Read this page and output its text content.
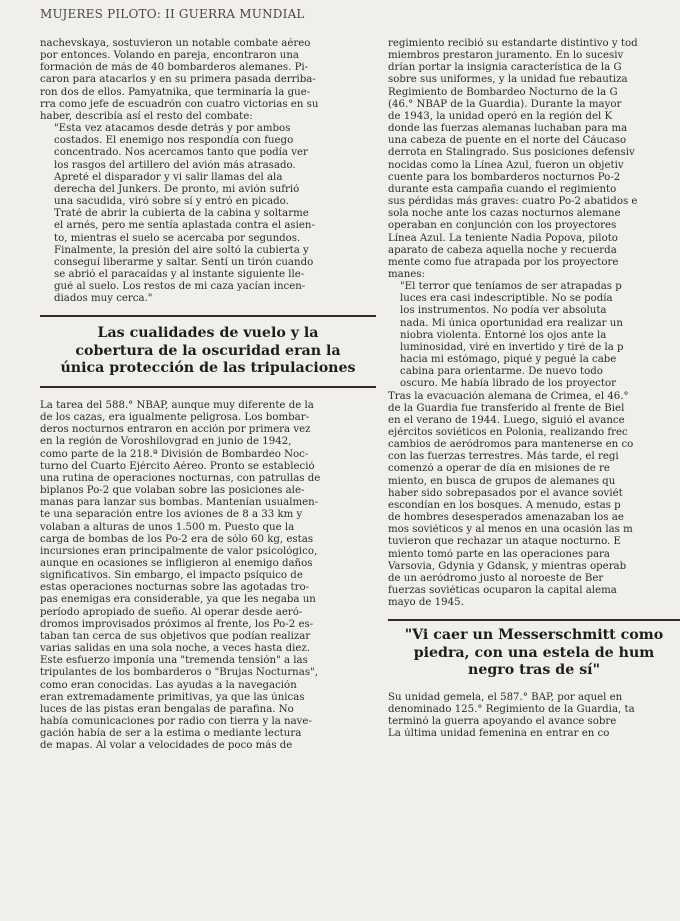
MUJERES PILOTO: II GUERRA MUNDIAL
nachevskaya, sostuvieron un notable combate aéreo
por entonces. Volando en pareja, encontraron una
formación de más de 40 bombarderos alemanes. Pi-
caron para atacarlos y en su primera pasada derriba-
ron dos de ellos. Pamyatnika, que terminaría la gue-
rra como jefe de escuadrón con cuatro victorias en su
haber, describía así el resto del combate:
"Esta vez atacamos desde detrás y por ambos
costados. El enemigo nos respondía con fuego
concentrado. Nos acercamos tanto que podía ver
los rasgos del artillero del avión más atrasado.
Apreté el disparador y vi salir llamas del ala
derecha del Junkers. De pronto, mi avión sufrió
una sacudida, viró sobre sí y entró en picado.
Traté de abrir la cubierta de la cabina y soltarme
el arnés, pero me sentía aplastada contra el asien-
to, mientras el suelo se acercaba por segundos.
Finalmente, la presión del aire soltó la cubierta y
conseguí liberarme y saltar. Sentí un tirón cuando
se abrió el paracaídas y al instante siguiente lle-
gué al suelo. Los restos de mi caza yacían incen-
diados muy cerca."
Las cualidades de vuelo y la
cobertura de la oscuridad eran la
única protección de las tripulaciones
La tarea del 588.° NBAP, aunque muy diferente de la
de los cazas, era igualmente peligrosa. Los bombar-
deros nocturnos entraron en acción por primera vez
en la región de Voroshilovgrad en junio de 1942,
como parte de la 218.ª División de Bombardeo Noc-
turno del Cuarto Ejército Aéreo. Pronto se estableció
una rutina de operaciones nocturnas, con patrullas de
biplanos Po-2 que volaban sobre las posiciones ale-
manas para lanzar sus bombas. Mantenían usualmen-
te una separación entre los aviones de 8 a 33 km y
volaban a alturas de unos 1.500 m. Puesto que la
carga de bombas de los Po-2 era de sólo 60 kg, estas
incursiones eran principalmente de valor psicológico,
aunque en ocasiones se infligieron al enemigo daños
significativos. Sin embargo, el impacto psíquico de
estas operaciones nocturnas sobre las agotadas tro-
pas enemigas era considerable, ya que les negaba un
período apropiado de sueño. Al operar desde aeró-
dromos improvisados próximos al frente, los Po-2 es-
taban tan cerca de sus objetivos que podían realizar
varias salidas en una sola noche, a veces hasta diez.
Este esfuerzo imponía una "tremenda tensión" a las
tripulantes de los bombarderos o "Brujas Nocturnas",
como eran conocidas. Las ayudas a la navegación
eran extremadamente primitivas, ya que las únicas
luces de las pistas eran bengalas de parafina. No
había comunicaciones por radio con tierra y la nave-
gación había de ser a la estima o mediante lectura
de mapas. Al volar a velocidades de poco más de
regimiento recibió su estandarte distintivo y tod
miembros prestaron juramento. En lo sucesiv
drían portar la insignia característica de la G
sobre sus uniformes, y la unidad fue rebautiza
Regimiento de Bombardeo Nocturno de la G
(46.° NBAP de la Guardia). Durante la mayor
de 1943, la unidad operó en la región del K
donde las fuerzas alemanas luchaban para ma
una cabeza de puente en el norte del Cáucaso
derrota en Stalingrado. Sus posiciones defensiv
nocidas como la Línea Azul, fueron un objetiv
cuente para los bombarderos nocturnos Po-2
durante esta campaña cuando el regimiento
sus pérdidas más graves: cuatro Po-2 abatidos e
sola noche ante los cazas nocturnos alemane
operaban en conjunción con los proyectores
Línea Azul. La teniente Nadia Popova, piloto
aparato de cabeza aquella noche y recuerda
mente como fue atrapada por los proyectore
manes:
"El terror que teníamos de ser atrapadas p
luces era casi indescriptible. No se podía
los instrumentos. No podía ver absoluta
nada. Mi única oportunidad era realizar un
niobra violenta. Entorné los ojos ante la
luminosidad, viré en invertido y tiré de la p
hacia mi estómago, piqué y pegué la cabe
cabina para orientarme. De nuevo todo
oscuro. Me había librado de los proyector
Tras la evacuación alemana de Crimea, el 46.°
de la Guardia fue transferido al frente de Biel
en el verano de 1944. Luego, siguió el avance
ejércitos soviéticos en Polonia, realizando frec
cambios de aeródromos para mantenerse en co
con las fuerzas terrestres. Más tarde, el regi
comenzó a operar de día en misiones de re
miento, en busca de grupos de alemanes qu
haber sido sobrepasados por el avance soviét
escondían en los bosques. A menudo, estas p
de hombres desesperados amenazaban los ae
mos soviéticos y al menos en una ocasión las m
tuvieron que rechazar un ataque nocturno. E
miento tomó parte en las operaciones para
Varsovia, Gdynia y Gdansk, y mientras operab
de un aeródromo justo al noroeste de Ber
fuerzas soviéticas ocuparon la capital alema
mayo de 1945.
"Vi caer un Messerschmitt como
piedra, con una estela de hum
negro tras de sí"
Su unidad gemela, el 587.° BAP, por aquel en
denominado 125.° Regimiento de la Guardia, ta
terminó la guerra apoyando el avance sobre
La última unidad femenina en entrar en co
